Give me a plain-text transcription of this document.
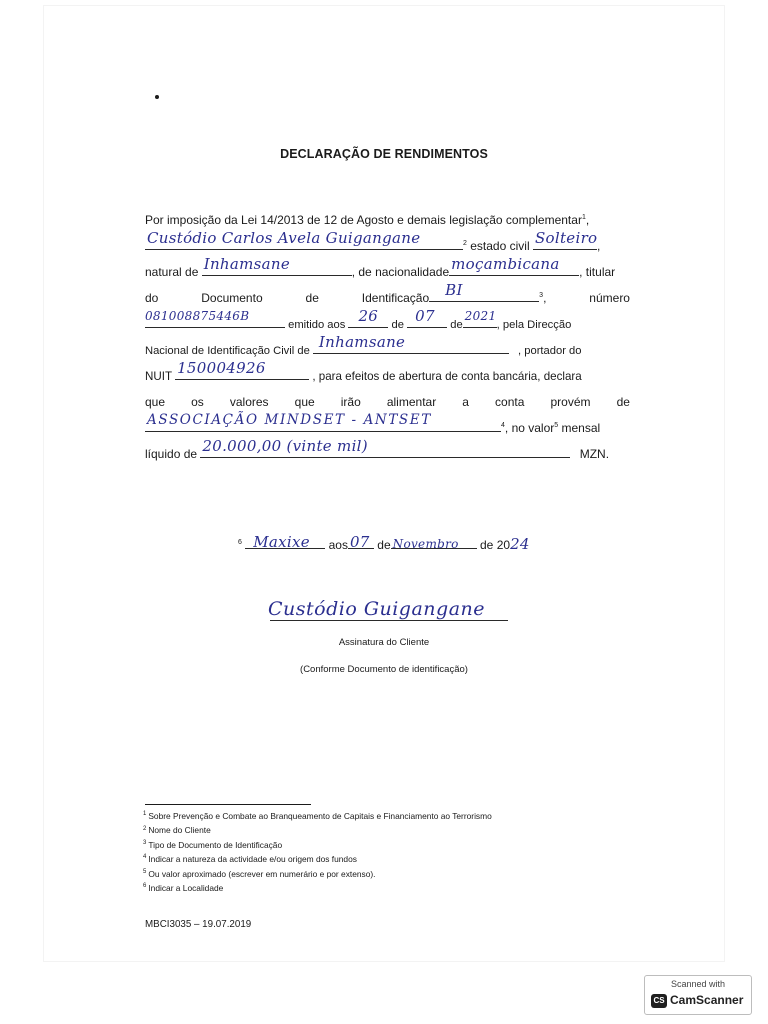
DECLARAÇÃO DE RENDIMENTOS
Por imposição da Lei 14/2013 de 12 de Agosto e demais legislação complementar$^1$,
Custódio Carlos Avela Guigangane	$^2$ estado civil Solteiro ,
natural de Inhamsane	, de nacionalidade moçambicana , titular
do	Documento	de	Identificação BI	$^3$,	número
081008875446B
emitido aos 26 de 07 de
2021
, pela Direcção
Nacional de Identificação Civil de Inhamsane	, portador do
NUIT 150004926	, para efeitos de abertura de conta bancária, declara
que os valores que irão alimentar a conta provém de
ASSOCIAÇÃO MINDSET - ANTSET	$^4$, no valor$^5$ mensal
líquido de 20.000,00 (vinte mil)	MZN.
$^6$ Maxixe aos 07 de Novembro de 2024
Custódio Guigangane
Assinatura do Cliente
(Conforme Documento de identificação)
$^1$ Sobre Prevenção e Combate ao Branqueamento de Capitais e Financiamento ao Terrorismo
$^2$ Nome do Cliente
$^3$ Tipo de Documento de Identificação
$^4$ Indicar a natureza da actividade e/ou origem dos fundos
$^5$ Ou valor aproximado (escrever em numerário e por extenso).
$^6$ Indicar a Localidade
MBCI3035 – 19.07.2019
Scanned with
CS CamScanner
